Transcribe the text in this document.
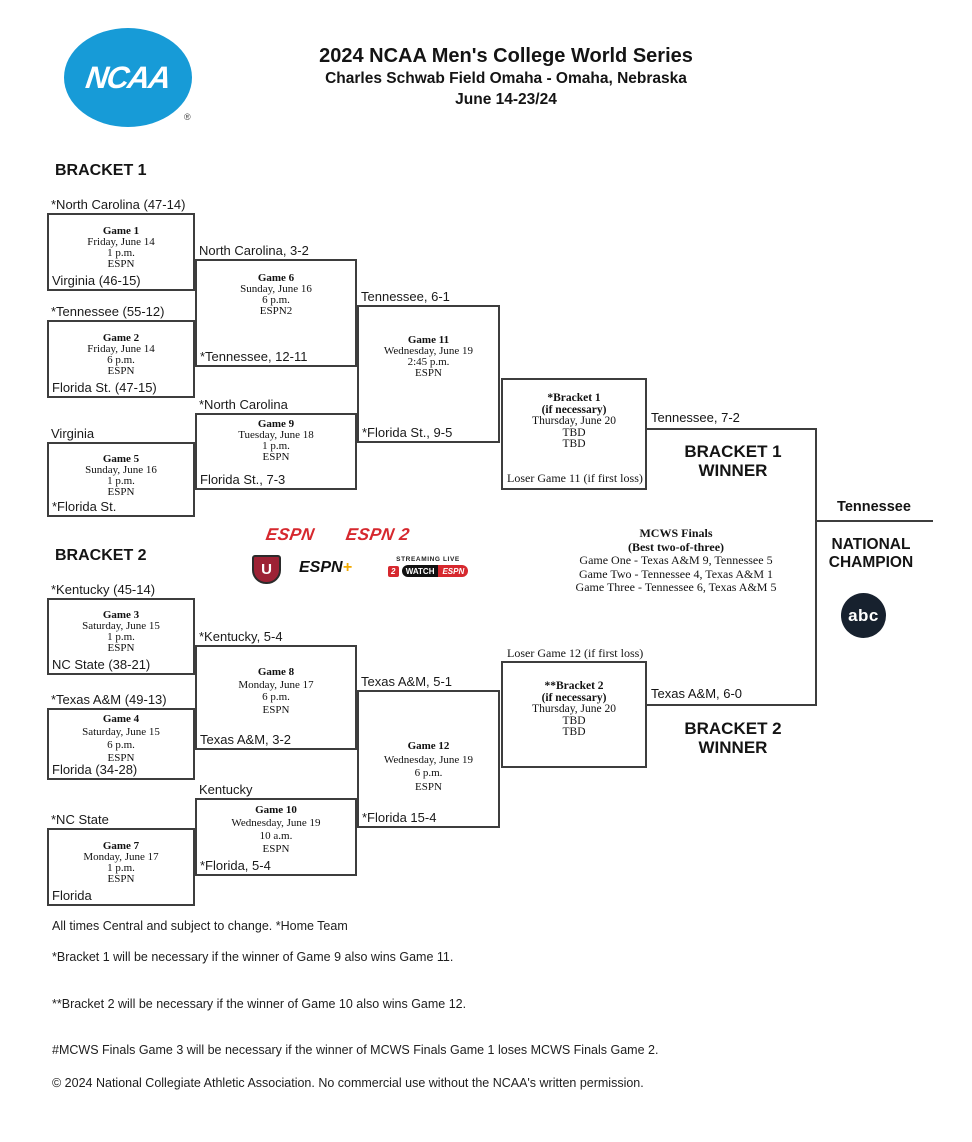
NCAA
®
2024 NCAA Men's College World Series
Charles Schwab Field Omaha - Omaha, Nebraska
June 14-23/24
BRACKET 1
BRACKET 2
*North Carolina (47-14)
Game 1
Friday, June 14
1 p.m.
ESPN
Virginia (46-15)
*Tennessee (55-12)
Game 2
Friday, June 14
6 p.m.
ESPN
Florida St. (47-15)
North Carolina, 3-2
Game 6
Sunday, June 16
6 p.m.
ESPN2
*Tennessee, 12-11
Virginia
Game 5
Sunday, June 16
1 p.m.
ESPN
*Florida St.
*North Carolina
Game 9
Tuesday, June 18
1 p.m.
ESPN
Florida St., 7-3
Tennessee, 6-1
Game 11
Wednesday, June 19
2:45 p.m.
ESPN
*Florida St., 9-5
*Bracket 1
(if necessary)
Thursday, June 20
TBD
TBD
Loser Game 11 (if first loss)
*Kentucky (45-14)
Game 3
Saturday, June 15
1 p.m.
ESPN
NC State (38-21)
*Texas A&M (49-13)
Game 4
Saturday, June 15
6 p.m.
ESPN
Florida (34-28)
*Kentucky, 5-4
Game 8
Monday, June 17
6 p.m.
ESPN
Texas A&M, 3-2
*NC State
Game 7
Monday, June 17
1 p.m.
ESPN
Florida
Kentucky
Game 10
Wednesday, June 19
10 a.m.
ESPN
*Florida, 5-4
Game 12
Wednesday, June 19
6 p.m.
ESPN
Texas A&M, 5-1
*Florida 15-4
Loser Game 12 (if first loss)
**Bracket 2
(if necessary)
Thursday, June 20
TBD
TBD
Tennessee, 7-2
BRACKET 1
WINNER
Texas A&M, 6-0
BRACKET 2
WINNER
Tennessee
NATIONAL
CHAMPION
abc
MCWS Finals
(Best two-of-three)
Game One - Texas A&M 9, Tennessee 5
Game Two - Tennessee 4, Texas A&M 1
Game Three - Tennessee 6, Texas A&M 5
ESPN ESPN 2
U ESPN+	STREAMING LIVE
2	WATCH	ESPN
All times Central and subject to change. *Home Team
*Bracket 1 will be necessary if the winner of Game 9 also wins Game 11.
**Bracket 2 will be necessary if the winner of Game 10 also wins Game 12.
#MCWS Finals Game 3 will be necessary if the winner of MCWS Finals Game 1 loses MCWS Finals Game 2.
© 2024 National Collegiate Athletic Association. No commercial use without the NCAA's written permission.
